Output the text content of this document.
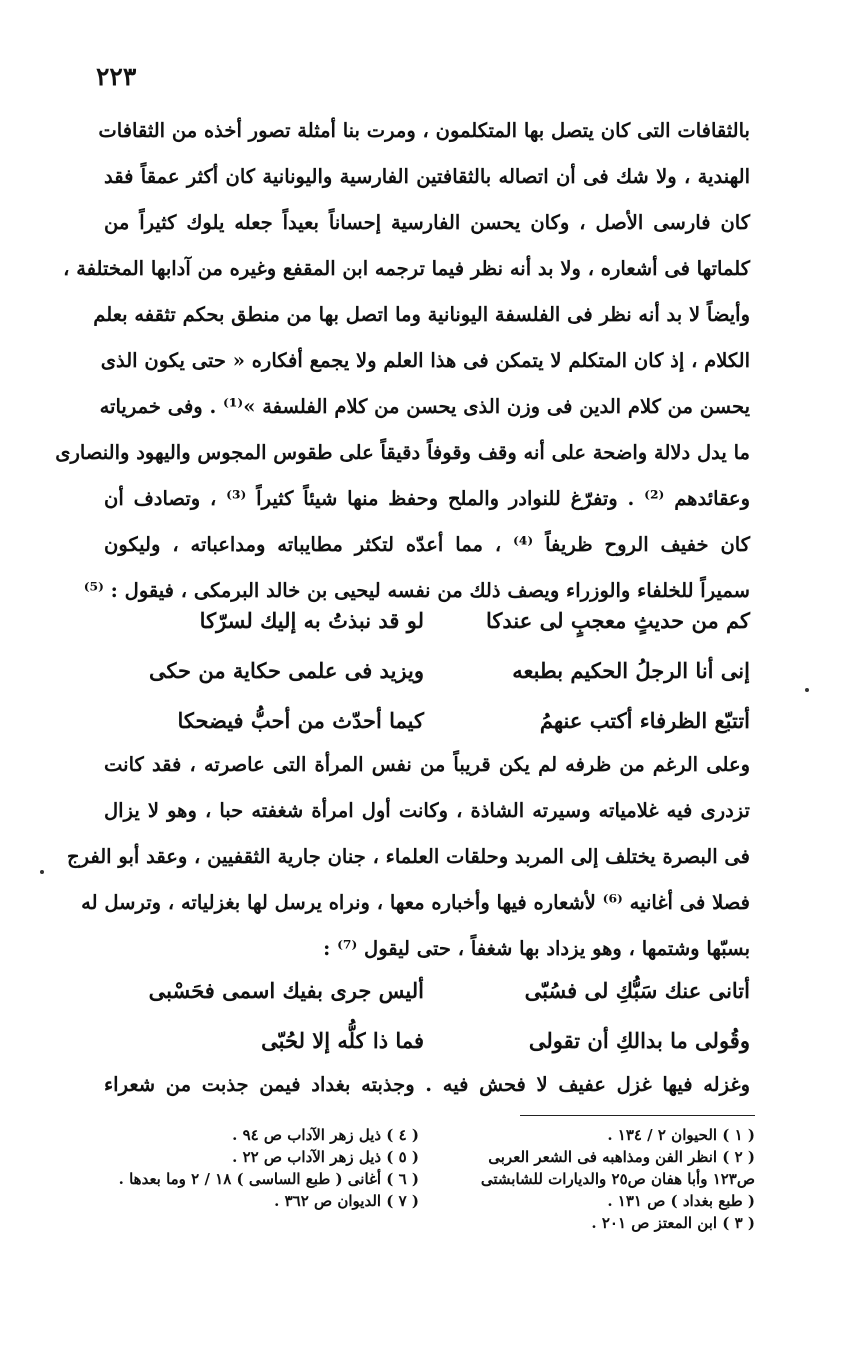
٢٢٣
بالثقافات التى كان يتصل بها المتكلمون ، ومرت بنا أمثلة تصور أخذه من الثقافات
الهندية ، ولا شك فى أن اتصاله بالثقافتين الفارسية واليونانية كان أكثر عمقاً فقد
كان فارسى الأصل ، وكان يحسن الفارسية إحساناً بعيداً جعله يلوك كثيراً من
كلماتها فى أشعاره ، ولا بد أنه نظر فيما ترجمه ابن المقفع وغيره من آدابها المختلفة ،
وأيضاً لا بد أنه نظر فى الفلسفة اليونانية وما اتصل بها من منطق بحكم تثقفه بعلم
الكلام ، إذ كان المتكلم لا يتمكن فى هذا العلم ولا يجمع أفكاره « حتى يكون الذى
يحسن من كلام الدين فى وزن الذى يحسن من كلام الفلسفة »⁽¹⁾ . وفى خمرياته
ما يدل دلالة واضحة على أنه وقف وقوفاً دقيقاً على طقوس المجوس واليهود والنصارى
وعقائدهم ⁽²⁾ . وتفرّغ للنوادر والملح وحفظ منها شيئاً كثيراً ⁽³⁾ ، وتصادف أن
كان خفيف الروح ظريفاً ⁽⁴⁾ ، مما أعدّه لتكثر مطايباته ومداعباته ، وليكون
سميراً للخلفاء والوزراء ويصف ذلك من نفسه ليحيى بن خالد البرمكى ، فيقول : ⁽⁵⁾
كم من حديثٍ معجبٍ لى عندكا
لو قد نبذتُ به إليك لسرّكا
إنى أنا الرجلُ الحكيم بطبعه
ويزيد فى علمى حكاية من حكى
أتتبّع الظرفاء أكتب عنهمُ
كيما أحدّث من أحبُّ فيضحكا
وعلى الرغم من ظرفه لم يكن قريباً من نفس المرأة التى عاصرته ، فقد كانت
تزدرى فيه غلامياته وسيرته الشاذة ، وكانت أول امرأة شغفته حبا ، وهو لا يزال
فى البصرة يختلف إلى المربد وحلقات العلماء ، جنان جارية الثقفيين ، وعقد أبو الفرج
فصلا فى أغانيه ⁽⁶⁾ لأشعاره فيها وأخباره معها ، ونراه يرسل لها بغزلياته ، وترسل له
بسبّها وشتمها ، وهو يزداد بها شغفاً ، حتى ليقول ⁽⁷⁾ :
أتانى عنك سَبُّكِ لى فسُبّى
أليس جرى بفيك اسمى فحَسْبى
وقُولى ما بدالكِ أن تقولى
فما ذا كلُّه إلا لحُبّى
وغزله فيها غزل عفيف لا فحش فيه . وجذبته بغداد فيمن جذبت من شعراء
( ١ ) الحيوان ٢ / ١٣٤ .
( ٢ ) انظر الفن ومذاهبه فى الشعر العربى
ص١٢٣ وأبا هفان ص٢٥ والديارات للشابشتى
( طبع بغداد ) ص ١٣١ .
( ٣ ) ابن المعتز ص ٢٠١ .
( ٤ ) ذيل زهر الآداب ص ٩٤ .
( ٥ ) ذيل زهر الآداب ص ٢٢ .
( ٦ ) أغانى ( طبع الساسى ) ١٨ / ٢ وما بعدها .
( ٧ ) الديوان ص ٣٦٢ .
